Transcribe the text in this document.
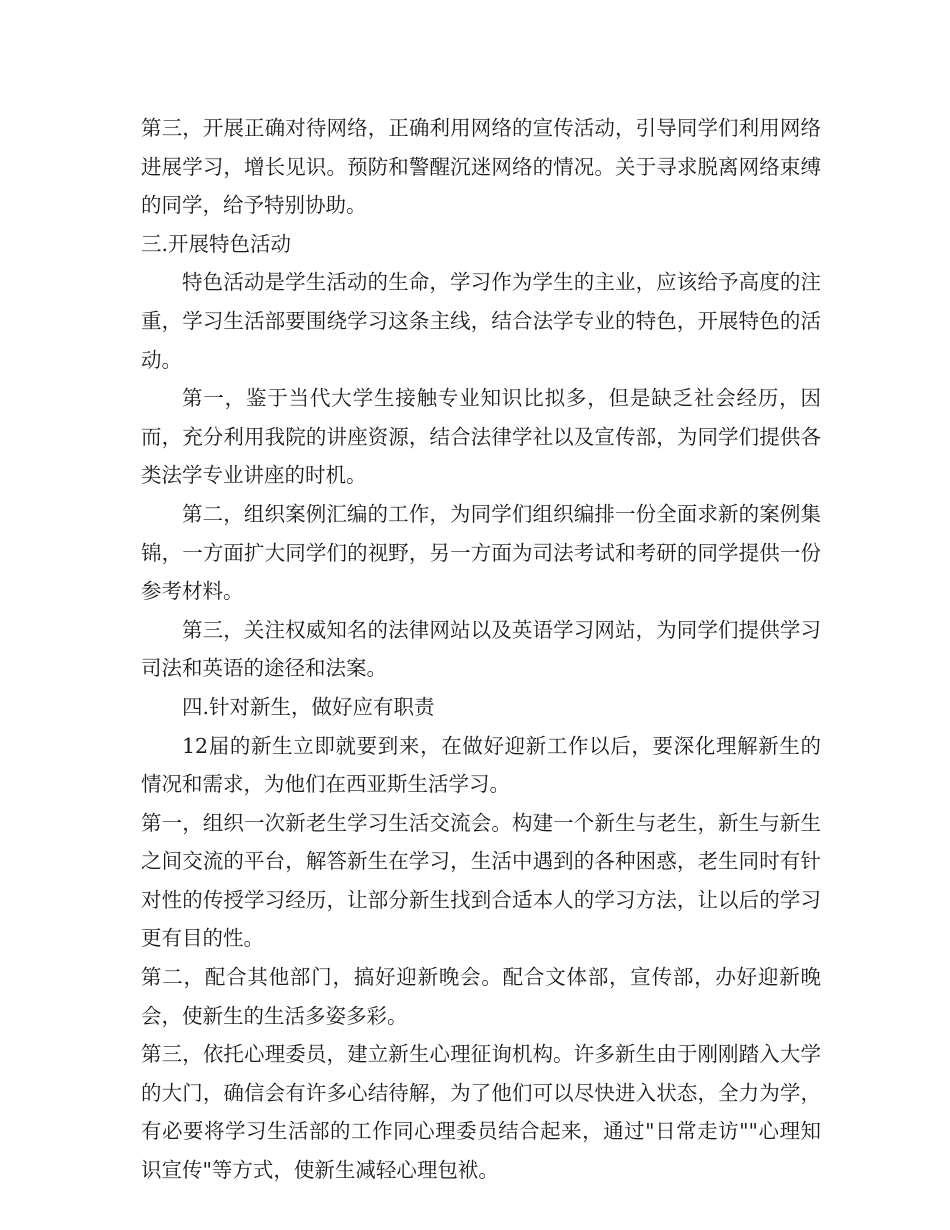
第三，开展正确对待网络，正确利用网络的宣传活动，引导同学们利用网络进展学习，增长见识。预防和警醒沉迷网络的情况。关于寻求脱离网络束缚的同学，给予特别协助。

三.开展特色活动

特色活动是学生活动的生命，学习作为学生的主业，应该给予高度的注重，学习生活部要围绕学习这条主线，结合法学专业的特色，开展特色的活动。

第一，鉴于当代大学生接触专业知识比拟多，但是缺乏社会经历，因而，充分利用我院的讲座资源，结合法律学社以及宣传部，为同学们提供各类法学专业讲座的时机。

第二，组织案例汇编的工作，为同学们组织编排一份全面求新的案例集锦，一方面扩大同学们的视野，另一方面为司法考试和考研的同学提供一份参考材料。

第三，关注权威知名的法律网站以及英语学习网站，为同学们提供学习司法和英语的途径和法案。

四.针对新生，做好应有职责

12届的新生立即就要到来，在做好迎新工作以后，要深化理解新生的情况和需求，为他们在西亚斯生活学习。

第一，组织一次新老生学习生活交流会。构建一个新生与老生，新生与新生之间交流的平台，解答新生在学习，生活中遇到的各种困惑，老生同时有针对性的传授学习经历，让部分新生找到合适本人的学习方法，让以后的学习更有目的性。

第二，配合其他部门，搞好迎新晚会。配合文体部，宣传部，办好迎新晚会，使新生的生活多姿多彩。

第三，依托心理委员，建立新生心理征询机构。许多新生由于刚刚踏入大学的大门，确信会有许多心结待解，为了他们可以尽快进入状态，全力为学，有必要将学习生活部的工作同心理委员结合起来，通过"日常走访""心理知识宣传"等方式，使新生减轻心理包袱。
